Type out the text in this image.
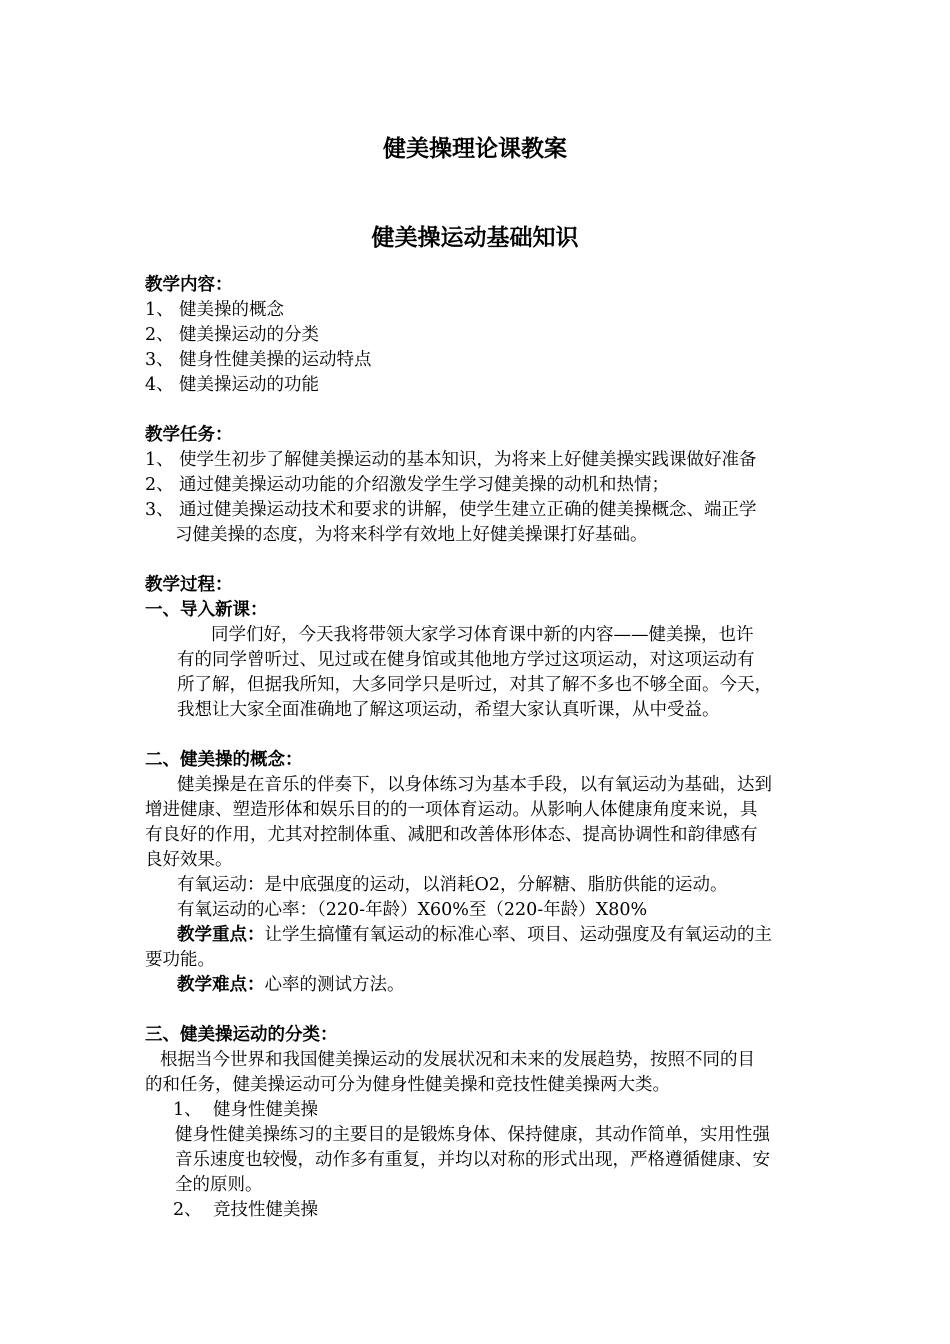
健美操理论课教案
健美操运动基础知识
教学内容：
1、 健美操的概念
2、 健美操运动的分类
3、 健身性健美操的运动特点
4、 健美操运动的功能
教学任务：
1、 使学生初步了解健美操运动的基本知识，为将来上好健美操实践课做好准备
2、 通过健美操运动功能的介绍激发学生学习健美操的动机和热情；
3、 通过健美操运动技术和要求的讲解，使学生建立正确的健美操概念、端正学
习健美操的态度，为将来科学有效地上好健美操课打好基础。
教学过程：
一、导入新课：
同学们好，今天我将带领大家学习体育课中新的内容——健美操，也许
有的同学曾听过、见过或在健身馆或其他地方学过这项运动，对这项运动有
所了解，但据我所知，大多同学只是听过，对其了解不多也不够全面。今天，
我想让大家全面准确地了解这项运动，希望大家认真听课，从中受益。
二、健美操的概念：
健美操是在音乐的伴奏下，以身体练习为基本手段，以有氧运动为基础，达到
增进健康、塑造形体和娱乐目的的一项体育运动。从影响人体健康角度来说，具
有良好的作用，尤其对控制体重、减肥和改善体形体态、提高协调性和韵律感有
良好效果。
有氧运动：是中底强度的运动，以消耗O2，分解糖、脂肪供能的运动。
有氧运动的心率：（220-年龄）X60%至（220-年龄）X80%
教学重点：让学生搞懂有氧运动的标准心率、项目、运动强度及有氧运动的主
要功能。
教学难点：心率的测试方法。
三、健美操运动的分类：
根据当今世界和我国健美操运动的发展状况和未来的发展趋势，按照不同的目
的和任务，健美操运动可分为健身性健美操和竞技性健美操两大类。
1、 健身性健美操
健身性健美操练习的主要目的是锻炼身体、保持健康，其动作简单，实用性强
音乐速度也较慢，动作多有重复，并均以对称的形式出现，严格遵循健康、安
全的原则。
2、 竞技性健美操
